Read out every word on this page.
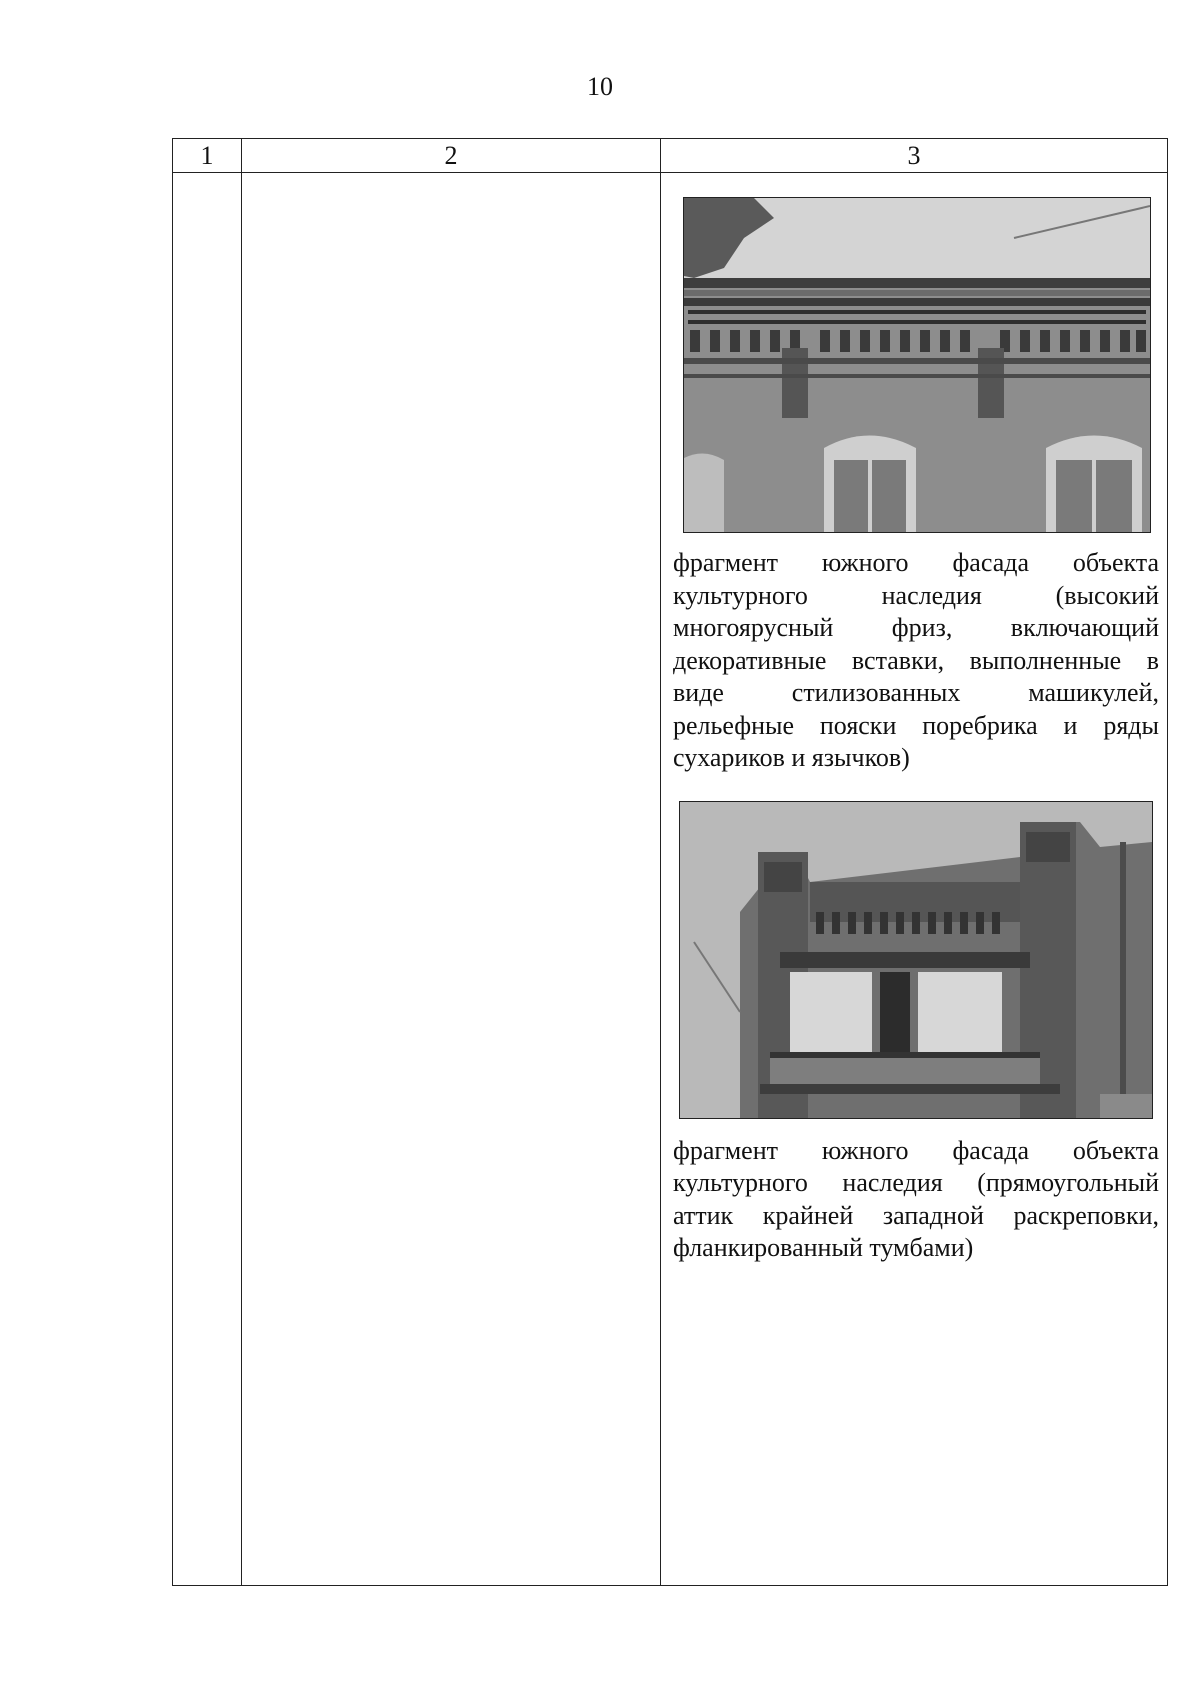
10
1	2	3

		фрагмент южного фасада объекта культурного наследия (высокий многоярусный фриз, включающий декоративные вставки, выполненные в виде стилизованных машикулей, рельефные пояски поребрика и ряды сухариков и язычков)
фрагмент южного фасада объекта культурного наследия (прямоугольный аттик крайней западной раскреповки, фланкированный тумбами)
